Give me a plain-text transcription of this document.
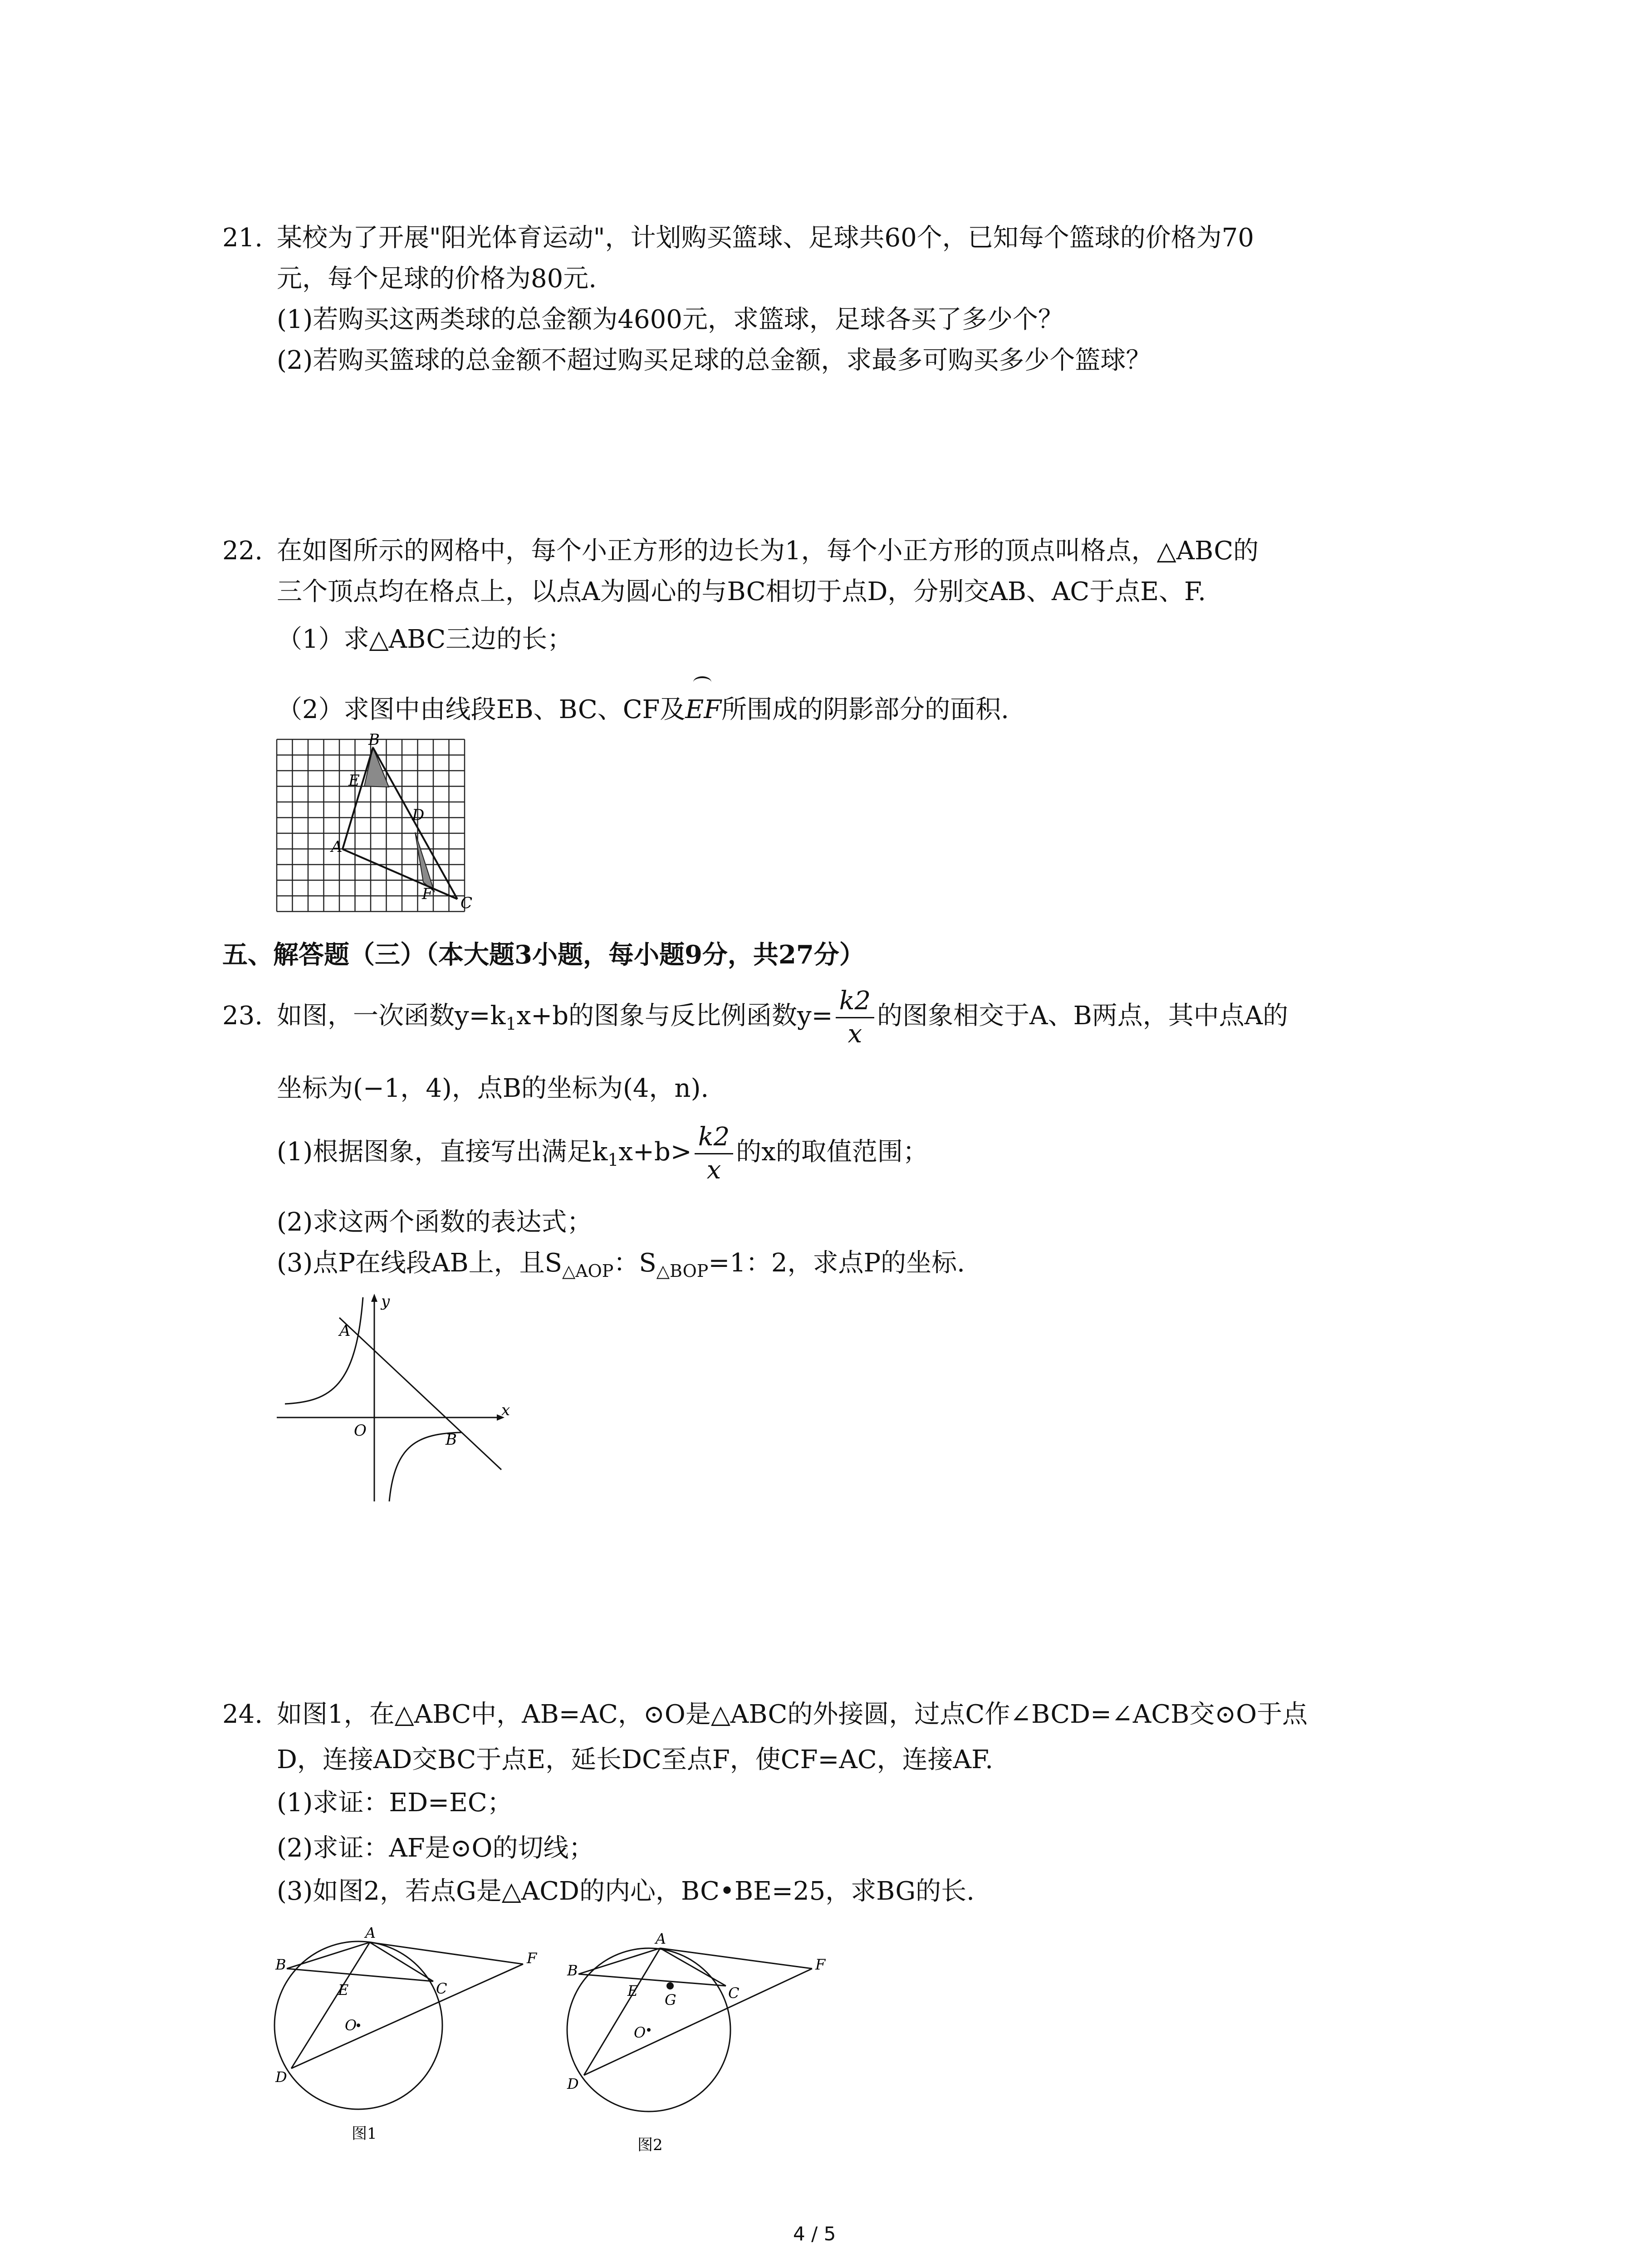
21. 某校为了开展"阳光体育运动"，计划购买篮球、足球共60个，已知每个篮球的价格为70
元，每个足球的价格为80元.
(1)若购买这两类球的总金额为4600元，求篮球，足球各买了多少个？
(2)若购买篮球的总金额不超过购买足球的总金额，求最多可购买多少个篮球？
22. 在如图所示的网格中，每个小正方形的边长为1，每个小正方形的顶点叫格点，△ABC的
三个顶点均在格点上，以点A为圆心的与BC相切于点D，分别交AB、AC于点E、F.
（1）求△ABC三边的长；
（2）求图中由线段EB、BC、CF及EF所围成的阴影部分的面积.
B
E
D
A
F C
五、解答题（三）（本大题3小题，每小题9分，共27分）
23. 如图，一次函数$y=k_1x+b$的图象与反比例函数$y= \frac{k2}{x}$ 的图象相交于A、B两点，其中点A的
坐标为(−1，4)，点B的坐标为(4，n).
(1)根据图象，直接写出满足$k_1x+b> \frac{k2}{x}$ 的x的取值范围；
(2)求这两个函数的表达式；
(3)点P在线段AB上，且$S_{\triangle AOP}$：$S_{\triangle BOP}=1$：2，求点P的坐标.
y
x
A
O	B
24. 如图1，在△ABC中，AB=AC，⊙O是△ABC的外接圆，过点C作∠BCD=∠ACB交⊙O于点
D，连接AD交BC于点E，延长DC至点F，使CF=AC，连接AF.
(1)求证：ED=EC；
(2)求证：AF是⊙O的切线；
(3)如图2，若点G是△ACD的内心，BC•BE=25，求BG的长.
A
B
E
O
C
F
D
图1
A
B
E
G
O
C
F
D
图2
4 / 5
